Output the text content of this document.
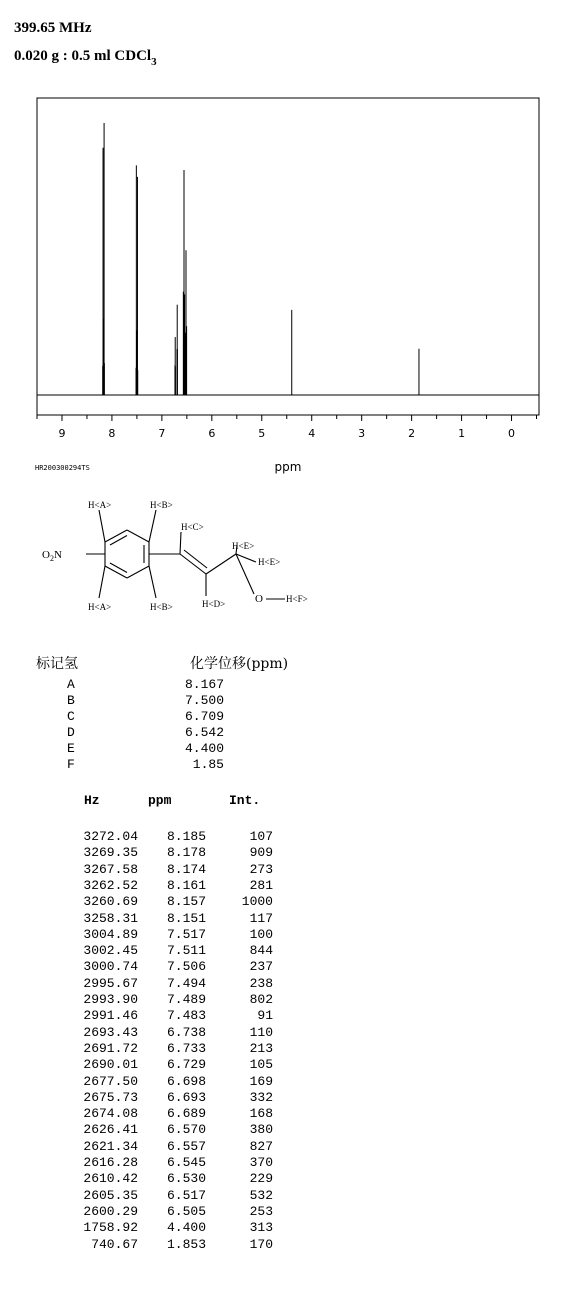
399.65 MHz
0.020 g : 0.5 ml CDCl$_3$
9	8	7	6	5	4	3	2	1	0
HR200300294TS	ppm
H<A>	H<B>
H<C>
H<E>
H<E>
H<A>	H<B>	H<D>	O	H<F>
$O_2N$
标记氢	化学位移(ppm)
A	8.167
B	7.500
C	6.709
D	6.542
E	4.400
F	1.85
Hz	ppm	Int.
3272.04 8.185	107
3269.35 8.178	909
3267.58 8.174	273
3262.52 8.161	281
3260.69 8.157	1000
3258.31 8.151	117
3004.89 7.517	100
3002.45 7.511	844
3000.74 7.506	237
2995.67 7.494	238
2993.90 7.489	802
2991.46 7.483	91
2693.43 6.738	110
2691.72 6.733	213
2690.01 6.729	105
2677.50 6.698	169
2675.73 6.693	332
2674.08 6.689	168
2626.41 6.570	380
2621.34 6.557	827
2616.28 6.545	370
2610.42 6.530	229
2605.35 6.517	532
2600.29 6.505	253
1758.92 4.400	313
740.67 1.853	170
